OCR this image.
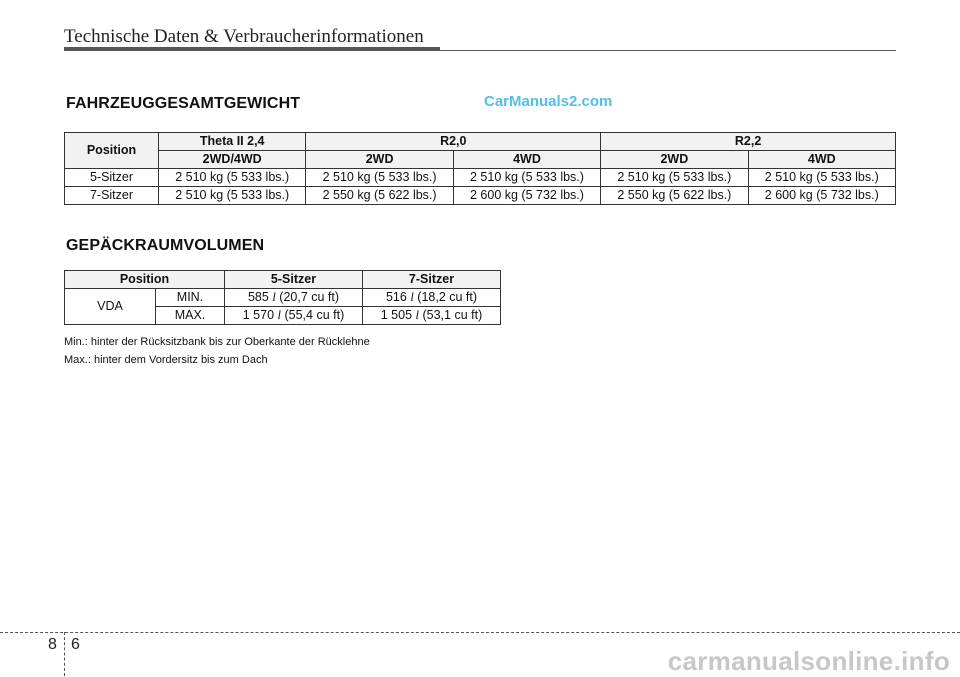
Technische Daten & Verbraucherinformationen
FAHRZEUGGESAMTGEWICHT	CarManuals2.com
Position	Theta II 2,4	R2,0		R2,2	
	2WD/4WD	2WD	4WD	2WD	4WD
5-Sitzer	2 510 kg (5 533 lbs.)	2 510 kg (5 533 lbs.)	2 510 kg (5 533 lbs.)	2 510 kg (5 533 lbs.)	2 510 kg (5 533 lbs.)
7-Sitzer	2 510 kg (5 533 lbs.)	2 550 kg (5 622 lbs.)	2 600 kg (5 732 lbs.)	2 550 kg (5 622 lbs.)	2 600 kg (5 732 lbs.)
GEPÄCKRAUMVOLUMEN
Position		5-Sitzer	7-Sitzer
VDA	MIN.	585 l (20,7 cu ft)	516 l (18,2 cu ft)
	MAX.	1 570 l (55,4 cu ft)	1 505 l (53,1 cu ft)
Min.: hinter der Rücksitzbank bis zur Oberkante der Rücklehne
Max.: hinter dem Vordersitz bis zum Dach
8 6
carmanualsonline.info
